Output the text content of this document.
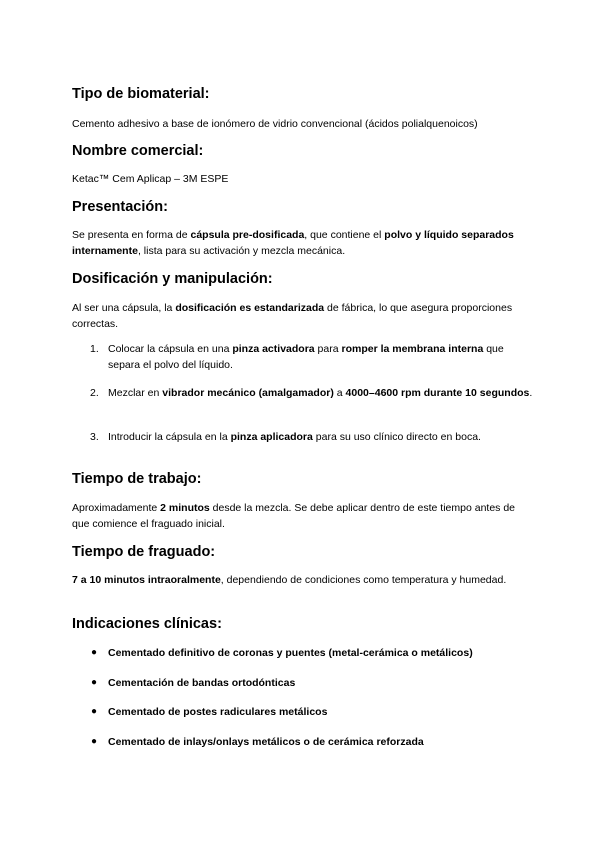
Tipo de biomaterial:

Cemento adhesivo a base de ionómero de vidrio convencional (ácidos polialquenoicos)

Nombre comercial:

Ketac™ Cem Aplicap – 3M ESPE

Presentación:

Se presenta en forma de cápsula pre-dosificada, que contiene el polvo y líquido separados internamente, lista para su activación y mezcla mecánica.

Dosificación y manipulación:

Al ser una cápsula, la dosificación es estandarizada de fábrica, lo que asegura proporciones correctas.

1. Colocar la cápsula en una pinza activadora para romper la membrana interna que separa el polvo del líquido.

2. Mezclar en vibrador mecánico (amalgamador) a 4000–4600 rpm durante 10 segundos.

3. Introducir la cápsula en la pinza aplicadora para su uso clínico directo en boca.

Tiempo de trabajo:

Aproximadamente 2 minutos desde la mezcla. Se debe aplicar dentro de este tiempo antes de que comience el fraguado inicial.

Tiempo de fraguado:

7 a 10 minutos intraoralmente, dependiendo de condiciones como temperatura y humedad.

Indicaciones clínicas:
● Cementado definitivo de coronas y puentes (metal-cerámica o metálicos)

● Cementación de bandas ortodónticas

● Cementado de postes radiculares metálicos

● Cementado de inlays/onlays metálicos o de cerámica reforzada
